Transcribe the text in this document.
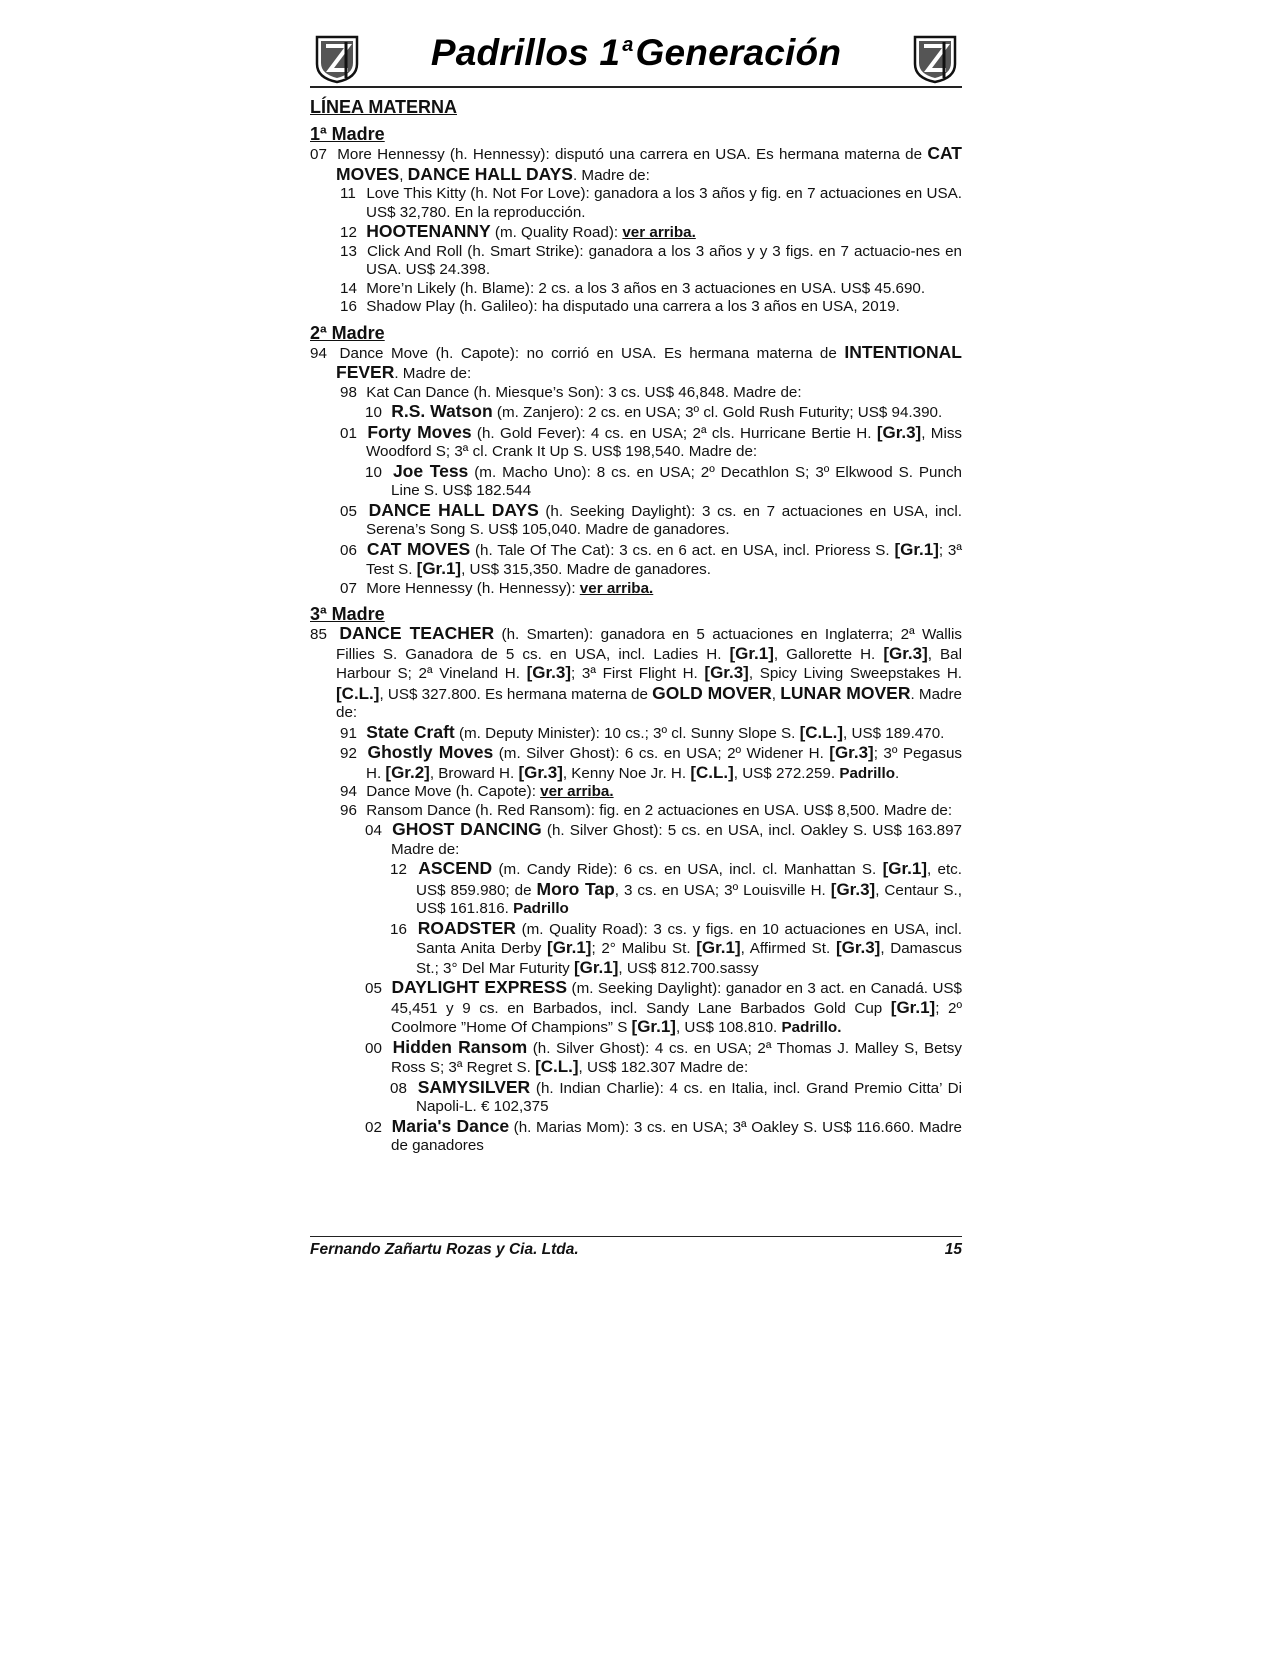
Padrillos 1 $^a$Generación
LÍNEA MATERNA
1ª Madre
07 More Hennessy (h. Hennessy): disputó una carrera en USA. Es hermana materna de CAT MOVES, DANCE HALL DAYS. Madre de:
11 Love This Kitty (h. Not For Love): ganadora a los 3 años y fig. en 7 actuaciones en USA. US$ 32,780. En la reproducción.
12 HOOTENANNY (m. Quality Road): ver arriba.
13 Click And Roll (h. Smart Strike): ganadora a los 3 años y y 3 figs. en 7 actuacio-nes en USA. US$ 24.398.
14 More’n Likely (h. Blame): 2 cs. a los 3 años en 3 actuaciones en USA. US$ 45.690.
16 Shadow Play (h. Galileo): ha disputado una carrera a los 3 años en USA, 2019.
2ª Madre
94 Dance Move (h. Capote): no corrió en USA. Es hermana materna de INTENTIONAL FEVER. Madre de:
98 Kat Can Dance (h. Miesque’s Son): 3 cs. US$ 46,848. Madre de:
10 R.S. Watson (m. Zanjero): 2 cs. en USA; 3º cl. Gold Rush Futurity; US$ 94.390.
01 Forty Moves (h. Gold Fever): 4 cs. en USA; 2ª cls. Hurricane Bertie H. [Gr.3], Miss Woodford S; 3ª cl. Crank It Up S. US$ 198,540. Madre de:
10 Joe Tess (m. Macho Uno): 8 cs. en USA; 2º Decathlon S; 3º Elkwood S. Punch Line S. US$ 182.544
05 DANCE HALL DAYS (h. Seeking Daylight): 3 cs. en 7 actuaciones en USA, incl. Serena’s Song S. US$ 105,040. Madre de ganadores.
06 CAT MOVES (h. Tale Of The Cat): 3 cs. en 6 act. en USA, incl. Prioress S. [Gr.1]; 3ª Test S. [Gr.1], US$ 315,350. Madre de ganadores.
07 More Hennessy (h. Hennessy): ver arriba.
3ª Madre
85 DANCE TEACHER (h. Smarten): ganadora en 5 actuaciones en Inglaterra; 2ª Wallis Fillies S. Ganadora de 5 cs. en USA, incl. Ladies H. [Gr.1], Gallorette H. [Gr.3], Bal Harbour S; 2ª Vineland H. [Gr.3]; 3ª First Flight H. [Gr.3], Spicy Living Sweepstakes H. [C.L.], US$ 327.800. Es hermana materna de GOLD MOVER, LUNAR MOVER. Madre de:
91 State Craft (m. Deputy Minister): 10 cs.; 3º cl. Sunny Slope S. [C.L.], US$ 189.470.
92 Ghostly Moves (m. Silver Ghost): 6 cs. en USA; 2º Widener H. [Gr.3]; 3º Pegasus H. [Gr.2], Broward H. [Gr.3], Kenny Noe Jr. H. [C.L.], US$ 272.259. Padrillo.
94 Dance Move (h. Capote): ver arriba.
96 Ransom Dance (h. Red Ransom): fig. en 2 actuaciones en USA. US$ 8,500. Madre de:
04 GHOST DANCING (h. Silver Ghost): 5 cs. en USA, incl. Oakley S. US$ 163.897 Madre de:
12 ASCEND (m. Candy Ride): 6 cs. en USA, incl. cl. Manhattan S. [Gr.1], etc. US$ 859.980; de Moro Tap, 3 cs. en USA; 3º Louisville H. [Gr.3], Centaur S., US$ 161.816. Padrillo
16 ROADSTER (m. Quality Road): 3 cs. y figs. en 10 actuaciones en USA, incl. Santa Anita Derby [Gr.1]; 2° Malibu St. [Gr.1], Affirmed St. [Gr.3], Damascus St.; 3° Del Mar Futurity [Gr.1], US$ 812.700.sassy
05 DAYLIGHT EXPRESS (m. Seeking Daylight): ganador en 3 act. en Canadá. US$ 45,451 y 9 cs. en Barbados, incl. Sandy Lane Barbados Gold Cup [Gr.1]; 2º Coolmore ”Home Of Champions” S [Gr.1], US$ 108.810. Padrillo.
00 Hidden Ransom (h. Silver Ghost): 4 cs. en USA; 2ª Thomas J. Malley S, Betsy Ross S; 3ª Regret S. [C.L.], US$ 182.307 Madre de:
08 SAMYSILVER (h. Indian Charlie): 4 cs. en Italia, incl. Grand Premio Citta’ Di Napoli-L. € 102,375
02 Maria's Dance (h. Marias Mom): 3 cs. en USA; 3ª Oakley S. US$ 116.660. Madre de ganadores
Fernando Zañartu Rozas y Cia. Ltda.	15
